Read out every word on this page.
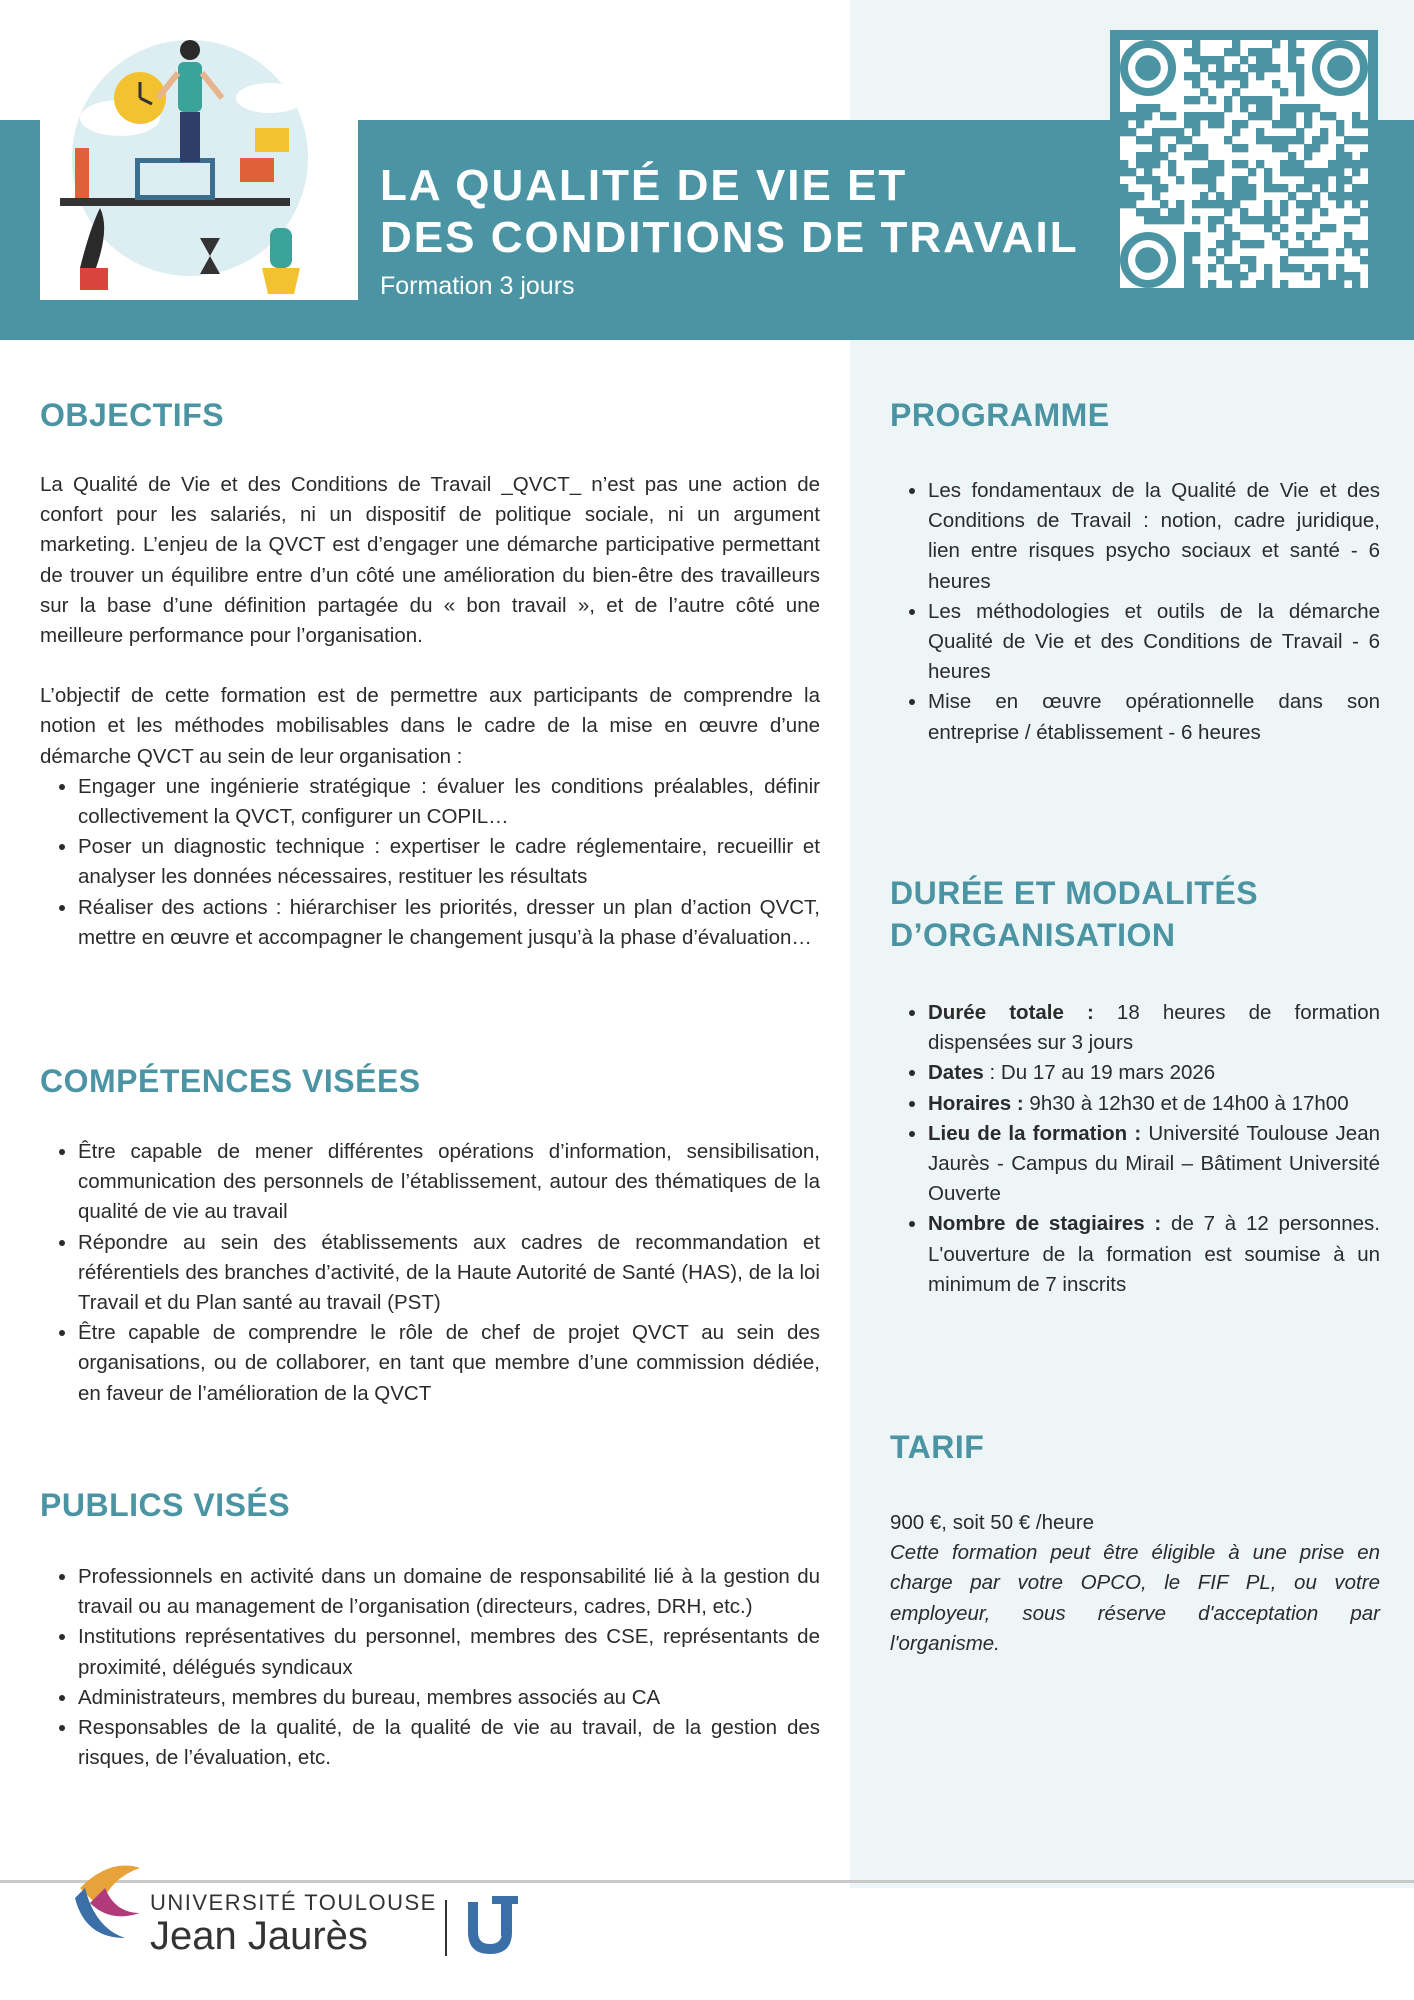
LA QUALITÉ DE VIE ET
DES CONDITIONS DE TRAVAIL
Formation 3 jours
OBJECTIFS

La Qualité de Vie et des Conditions de Travail _QVCT_ n’est pas une action de confort pour les salariés, ni un dispositif de politique sociale, ni un argument marketing. L’enjeu de la QVCT est d’engager une démarche participative permettant de trouver un équilibre entre d’un côté une amélioration du bien-être des travailleurs sur la base d’une définition partagée du « bon travail », et de l’autre côté une meilleure performance pour l’organisation.

L’objectif de cette formation est de permettre aux participants de comprendre la notion et les méthodes mobilisables dans le cadre de la mise en œuvre d’une démarche QVCT au sein de leur organisation :

• Engager une ingénierie stratégique : évaluer les conditions préalables, définir collectivement la QVCT, configurer un COPIL…
• Poser un diagnostic technique : expertiser le cadre réglementaire, recueillir et analyser les données nécessaires, restituer les résultats
• Réaliser des actions : hiérarchiser les priorités, dresser un plan d’action QVCT, mettre en œuvre et accompagner le changement jusqu’à la phase d’évaluation…
COMPÉTENCES VISÉES
• Être capable de mener différentes opérations d’information, sensibilisation, communication des personnels de l’établissement, autour des thématiques de la qualité de vie au travail
• Répondre au sein des établissements aux cadres de recommandation et référentiels des branches d’activité, de la Haute Autorité de Santé (HAS), de la loi Travail et du Plan santé au travail (PST)
• Être capable de comprendre le rôle de chef de projet QVCT au sein des organisations, ou de collaborer, en tant que membre d’une commission dédiée, en faveur de l’amélioration de la QVCT
PUBLICS VISÉS
• Professionnels en activité dans un domaine de responsabilité lié à la gestion du travail ou au management de l’organisation (directeurs, cadres, DRH, etc.)
• Institutions représentatives du personnel, membres des CSE, représentants de proximité, délégués syndicaux
• Administrateurs, membres du bureau, membres associés au CA
• Responsables de la qualité, de la qualité de vie au travail, de la gestion des risques, de l’évaluation, etc.
PROGRAMME
• Les fondamentaux de la Qualité de Vie et des Conditions de Travail : notion, cadre juridique, lien entre risques psycho sociaux et santé - 6 heures
• Les méthodologies et outils de la démarche Qualité de Vie et des Conditions de Travail - 6 heures
• Mise en œuvre opérationnelle dans son entreprise / établissement - 6 heures
DURÉE ET MODALITÉS
D’ORGANISATION
• Durée totale : 18 heures de formation dispensées sur 3 jours
• Dates : Du 17 au 19 mars 2026
• Horaires : 9h30 à 12h30 et de 14h00 à 17h00
• Lieu de la formation : Université Toulouse Jean Jaurès - Campus du Mirail – Bâtiment Université Ouverte
• Nombre de stagiaires : de 7 à 12 personnes. L'ouverture de la formation est soumise à un minimum de 7 inscrits
TARIF

900 €, soit 50 € /heure

Cette formation peut être éligible à une prise en charge par votre OPCO, le FIF PL, ou votre employeur, sous réserve d'acceptation par l'organisme.

UNIVERSITÉ TOULOUSE
Jean Jaurès
